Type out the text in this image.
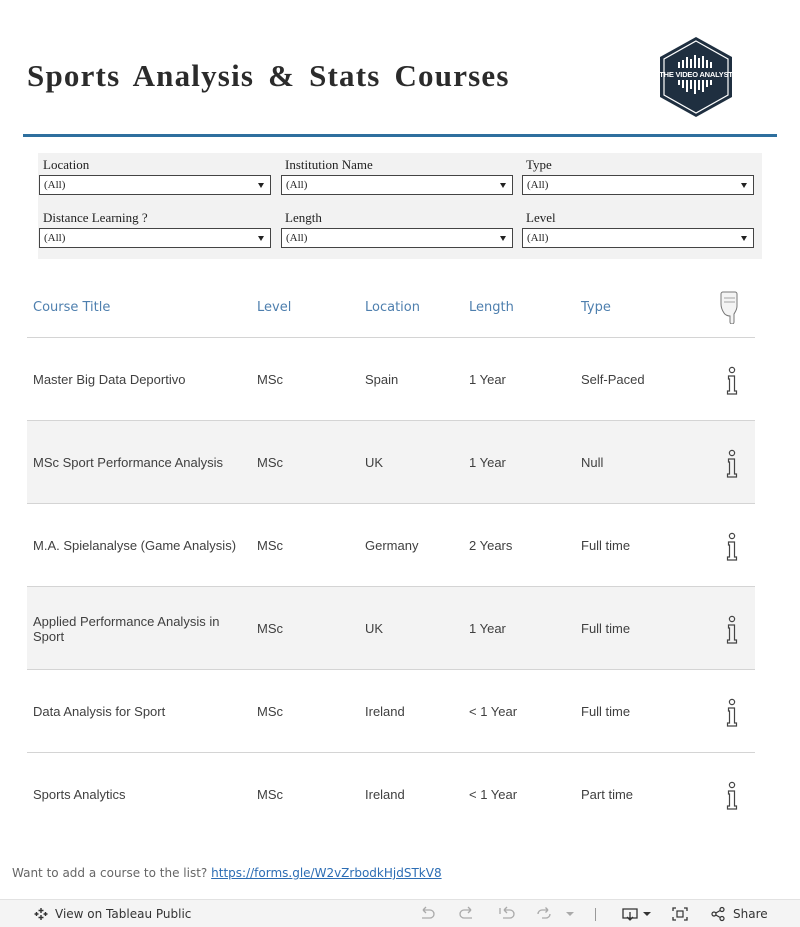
Sports Analysis & Stats Courses	THE VIDEO ANALYST
Location
(All)
Institution Name
(All)
Type
(All)
Distance Learning ?
(All)
Length
(All)
Level
(All)
Course Title	Level	Location	Length	Type
Master Big Data Deportivo	MSc	Spain	1 Year	Self-Paced
MSc Sport Performance Analysis	MSc	UK	1 Year	Null
M.A. Spielanalyse (Game Analysis)	MSc	Germany	2 Years	Full time
Applied Performance Analysis in Sport	MSc	UK	1 Year	Full time
Data Analysis for Sport	MSc	Ireland	< 1 Year	Full time
Sports Analytics	MSc	Ireland	< 1 Year	Part time
Want to add a course to the list? https://forms.gle/W2vZrbodkHjdSTkV8
View on Tableau Public	Share
